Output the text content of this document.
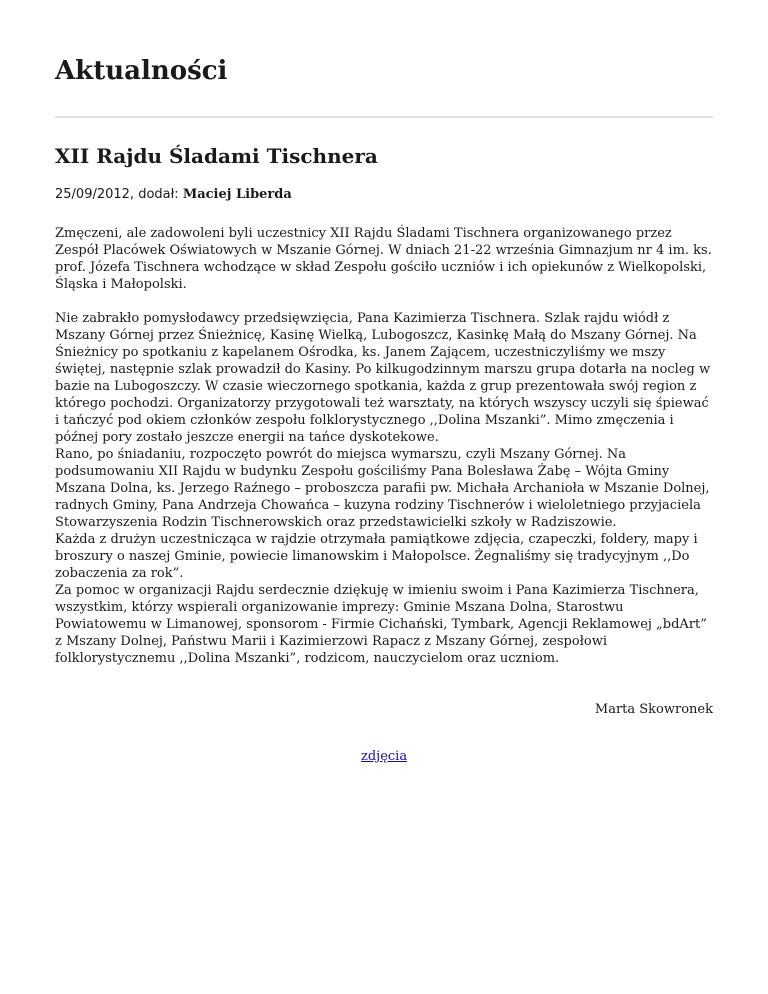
Aktualności
XII Rajdu Śladami Tischnera
25/09/2012, dodał: Maciej Liberda

Zmęczeni, ale zadowoleni byli uczestnicy XII Rajdu Śladami Tischnera organizowanego przez Zespół Placówek Oświatowych w Mszanie Górnej. W dniach 21-22 września Gimnazjum nr 4 im. ks. prof. Józefa Tischnera wchodzące w skład Zespołu gościło uczniów i ich opiekunów z Wielkopolski, Śląska i Małopolski.

Nie zabrakło pomysłodawcy przedsięwzięcia, Pana Kazimierza Tischnera. Szlak rajdu wiódł z Mszany Górnej przez Śnieżnicę, Kasinę Wielką, Lubogoszcz, Kasinkę Małą do Mszany Górnej. Na Śnieżnicy po spotkaniu z kapelanem Ośrodka, ks. Janem Zającem, uczestniczyliśmy we mszy świętej, następnie szlak prowadził do Kasiny. Po kilkugodzinnym marszu grupa dotarła na nocleg w bazie na Lubogoszczy. W czasie wieczornego spotkania, każda z grup prezentowała swój region z którego pochodzi. Organizatorzy przygotowali też warsztaty, na których wszyscy uczyli się śpiewać i tańczyć pod okiem członków zespołu folklorystycznego ,,Dolina Mszanki”. Mimo zmęczenia i późnej pory zostało jeszcze energii na tańce dyskotekowe.

Rano, po śniadaniu, rozpoczęto powrót do miejsca wymarszu, czyli Mszany Górnej. Na podsumowaniu XII Rajdu w budynku Zespołu gościliśmy Pana Bolesława Żabę – Wójta Gminy Mszana Dolna, ks. Jerzego Raźnego – proboszcza parafii pw. Michała Archanioła w Mszanie Dolnej, radnych Gminy, Pana Andrzeja Chowańca – kuzyna rodziny Tischnerów i wieloletniego przyjaciela Stowarzyszenia Rodzin Tischnerowskich oraz przedstawicielki szkoły w Radziszowie.

Każda z drużyn uczestnicząca w rajdzie otrzymała pamiątkowe zdjęcia, czapeczki, foldery, mapy i broszury o naszej Gminie, powiecie limanowskim i Małopolsce. Żegnaliśmy się tradycyjnym ,,Do zobaczenia za rok”.

Za pomoc w organizacji Rajdu serdecznie dziękuję w imieniu swoim i Pana Kazimierza Tischnera, wszystkim, którzy wspierali organizowanie imprezy: Gminie Mszana Dolna, Starostwu Powiatowemu w Limanowej, sponsorom - Firmie Cichański, Tymbark, Agencji Reklamowej „bdArt” z Mszany Dolnej, Państwu Marii i Kazimierzowi Rapacz z Mszany Górnej, zespołowi folklorystycznemu ,,Dolina Mszanki”, rodzicom, nauczycielom oraz uczniom.

Marta Skowronek
zdjęcia
